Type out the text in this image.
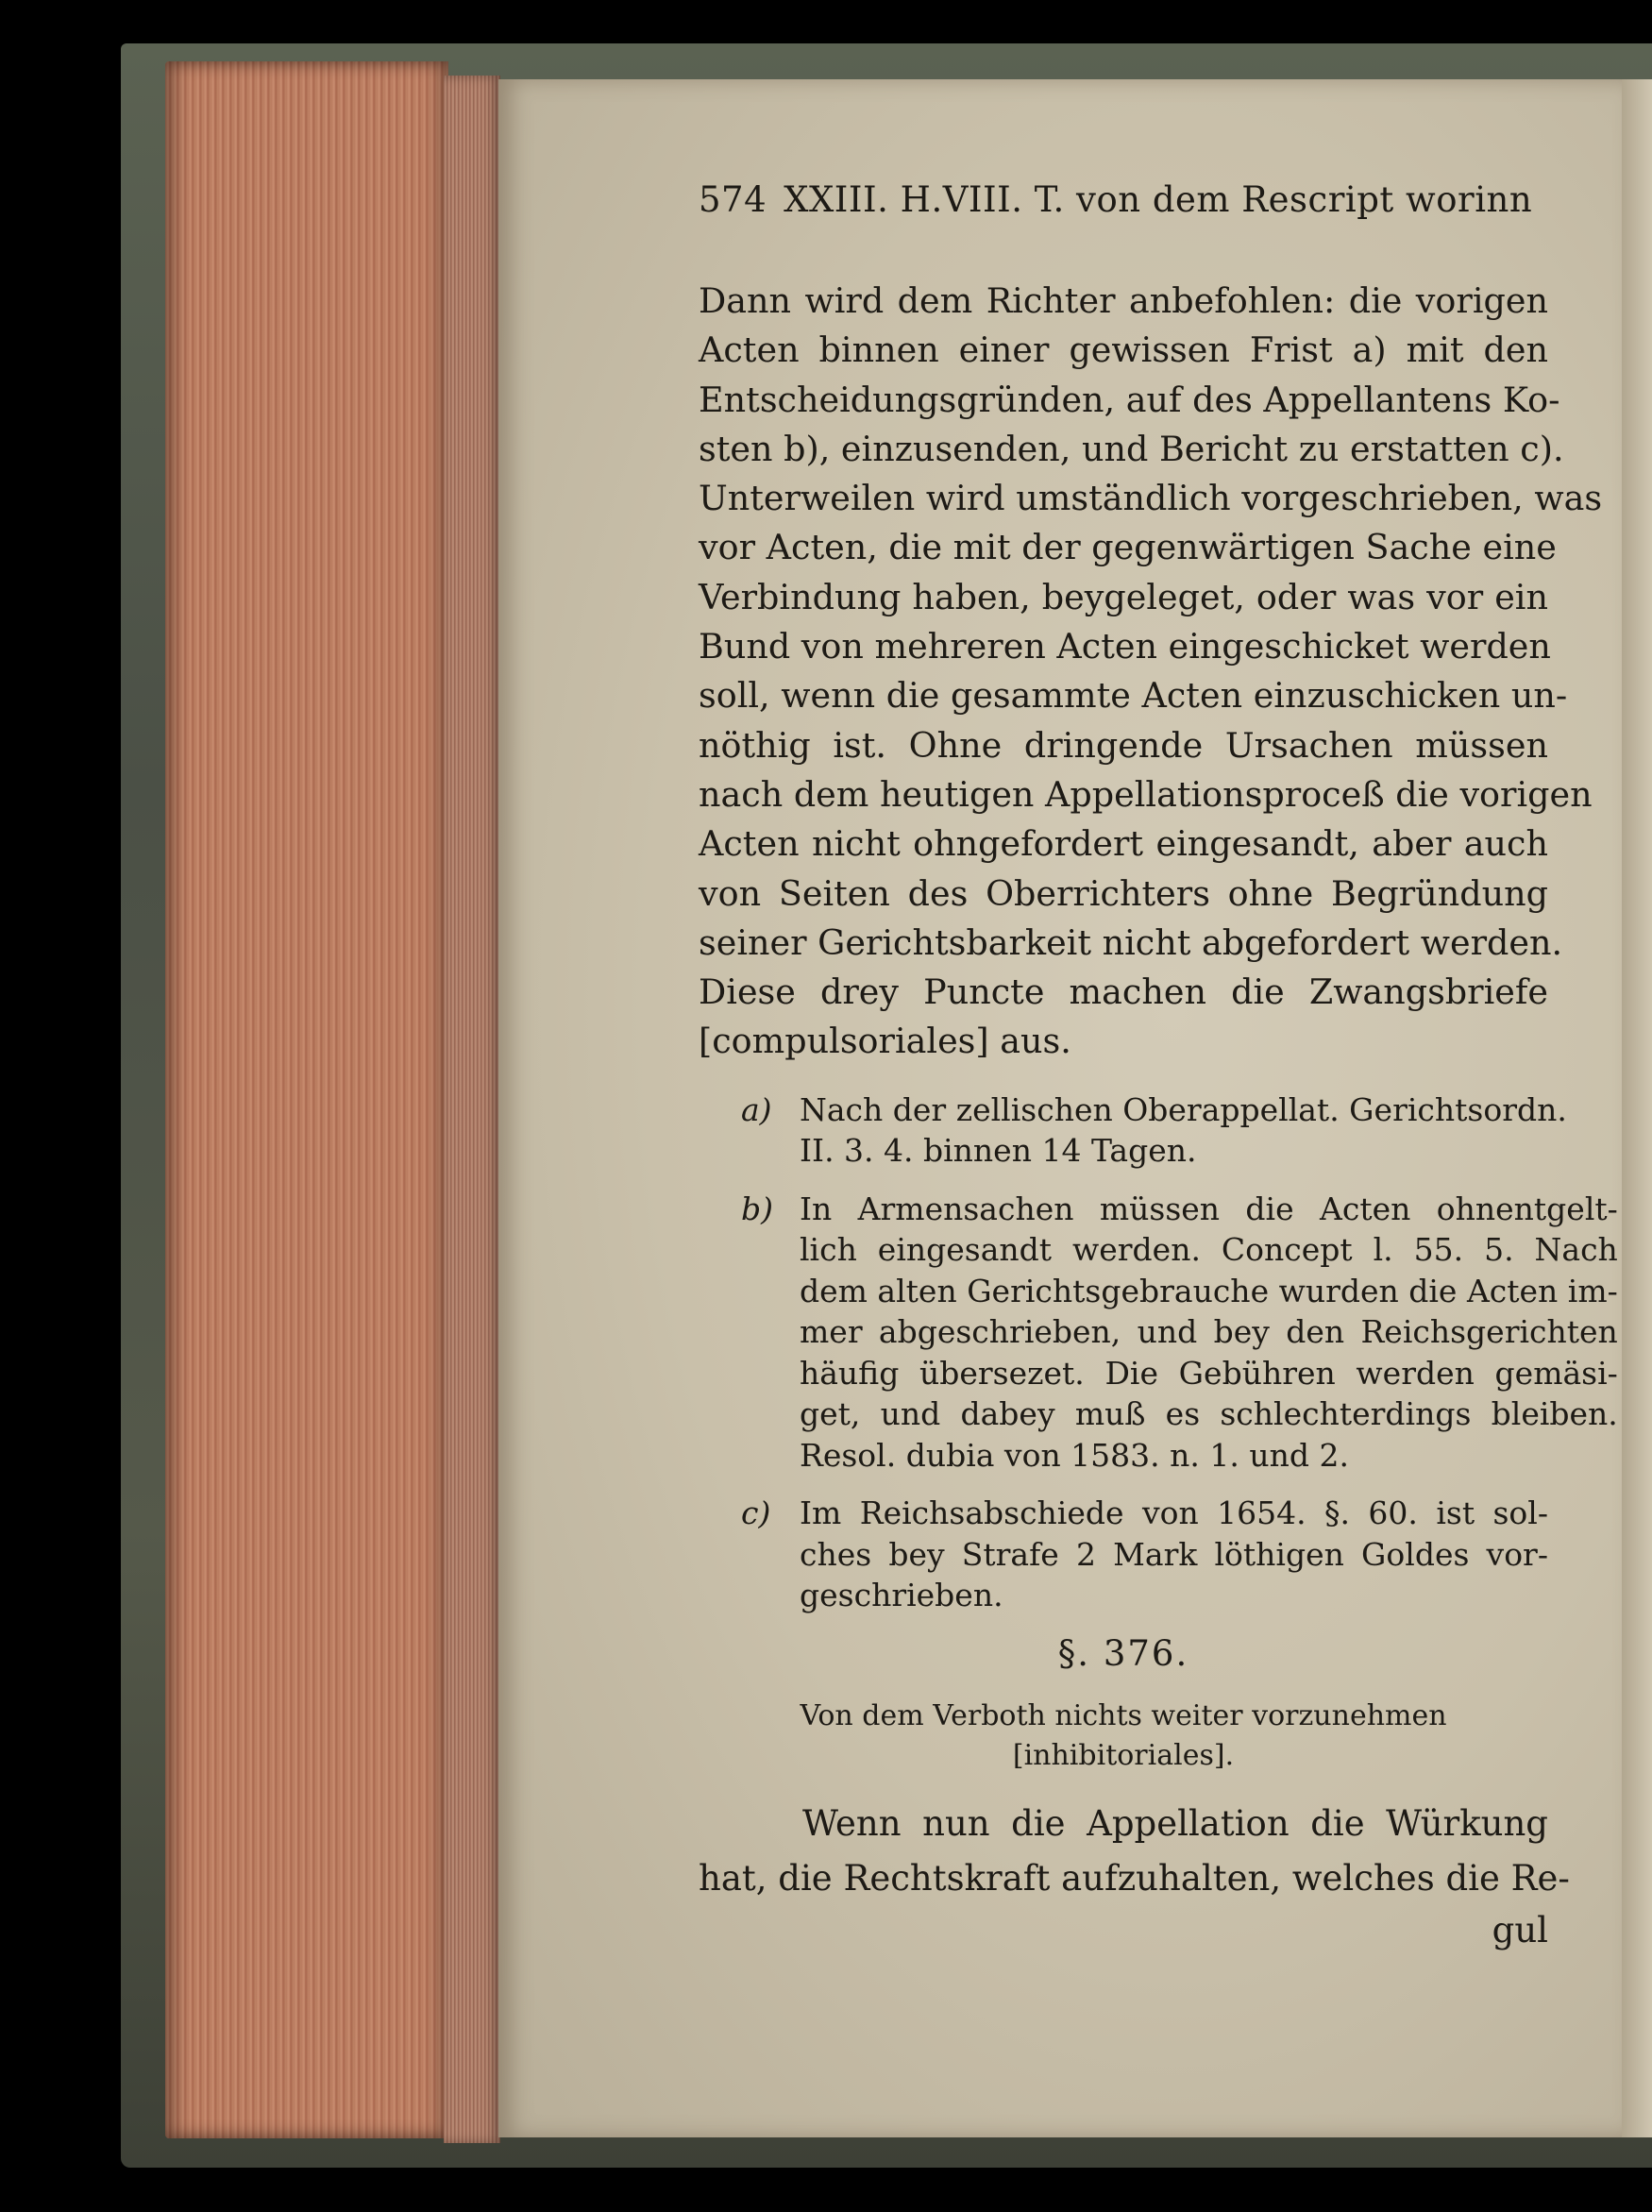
574 XXIII. H.VIII. T. von dem Rescript worinn

Dann wird dem Richter anbefohlen: die vorigen

Acten binnen einer gewissen Frist a) mit den

Entscheidungsgründen, auf des Appellantens Ko-

sten b), einzusenden, und Bericht zu erstatten c).

Unterweilen wird umständlich vorgeschrieben, was

vor Acten, die mit der gegenwärtigen Sache eine

Verbindung haben, beygeleget, oder was vor ein

Bund von mehreren Acten eingeschicket werden

soll, wenn die gesammte Acten einzuschicken un-

nöthig ist. Ohne dringende Ursachen müssen

nach dem heutigen Appellationsproceß die vorigen

Acten nicht ohngefordert eingesandt, aber auch

von Seiten des Oberrichters ohne Begründung

seiner Gerichtsbarkeit nicht abgefordert werden.

Diese drey Puncte machen die Zwangsbriefe

[compulsoriales] aus.

a) Nach der zellischen Oberappellat. Gerichtsordn.
II. 3. 4. binnen 14 Tagen.
b) In Armensachen müssen die Acten ohnentgelt-
lich eingesandt werden. Concept l. 55. 5. Nach
dem alten Gerichtsgebrauche wurden die Acten im-
mer abgeschrieben, und bey den Reichsgerichten
häufig übersezet. Die Gebühren werden gemäsi-
get, und dabey muß es schlechterdings bleiben.
Resol. dubia von 1583. n. 1. und 2.
c) Im Reichsabschiede von 1654. §. 60. ist sol-
ches bey Strafe 2 Mark löthigen Goldes vor-
geschrieben.
§. 376.
Von dem Verboth nichts weiter vorzunehmen
[inhibitoriales].

Wenn nun die Appellation die Würkung

hat, die Rechtskraft aufzuhalten, welches die Re-

gul
